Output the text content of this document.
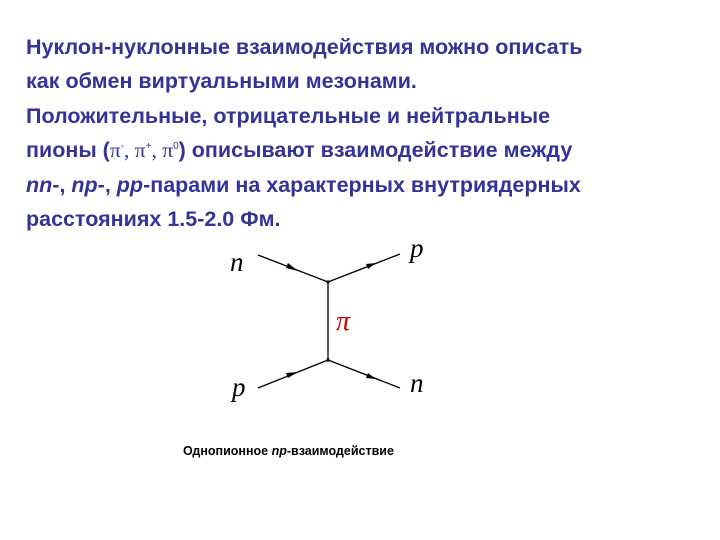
Нуклон-нуклонные взаимодействия можно описать
как обмен виртуальными мезонами.
Положительные, отрицательные и нейтральные
пионы (π-, π+, $\pi^0$) описывают взаимодействие между
nn-, np-, pp-парами на характерных внутриядерных
расстояниях 1.5-2.0 Фм.
n	p
p	n
π
Однопионное np-взаимодействие
